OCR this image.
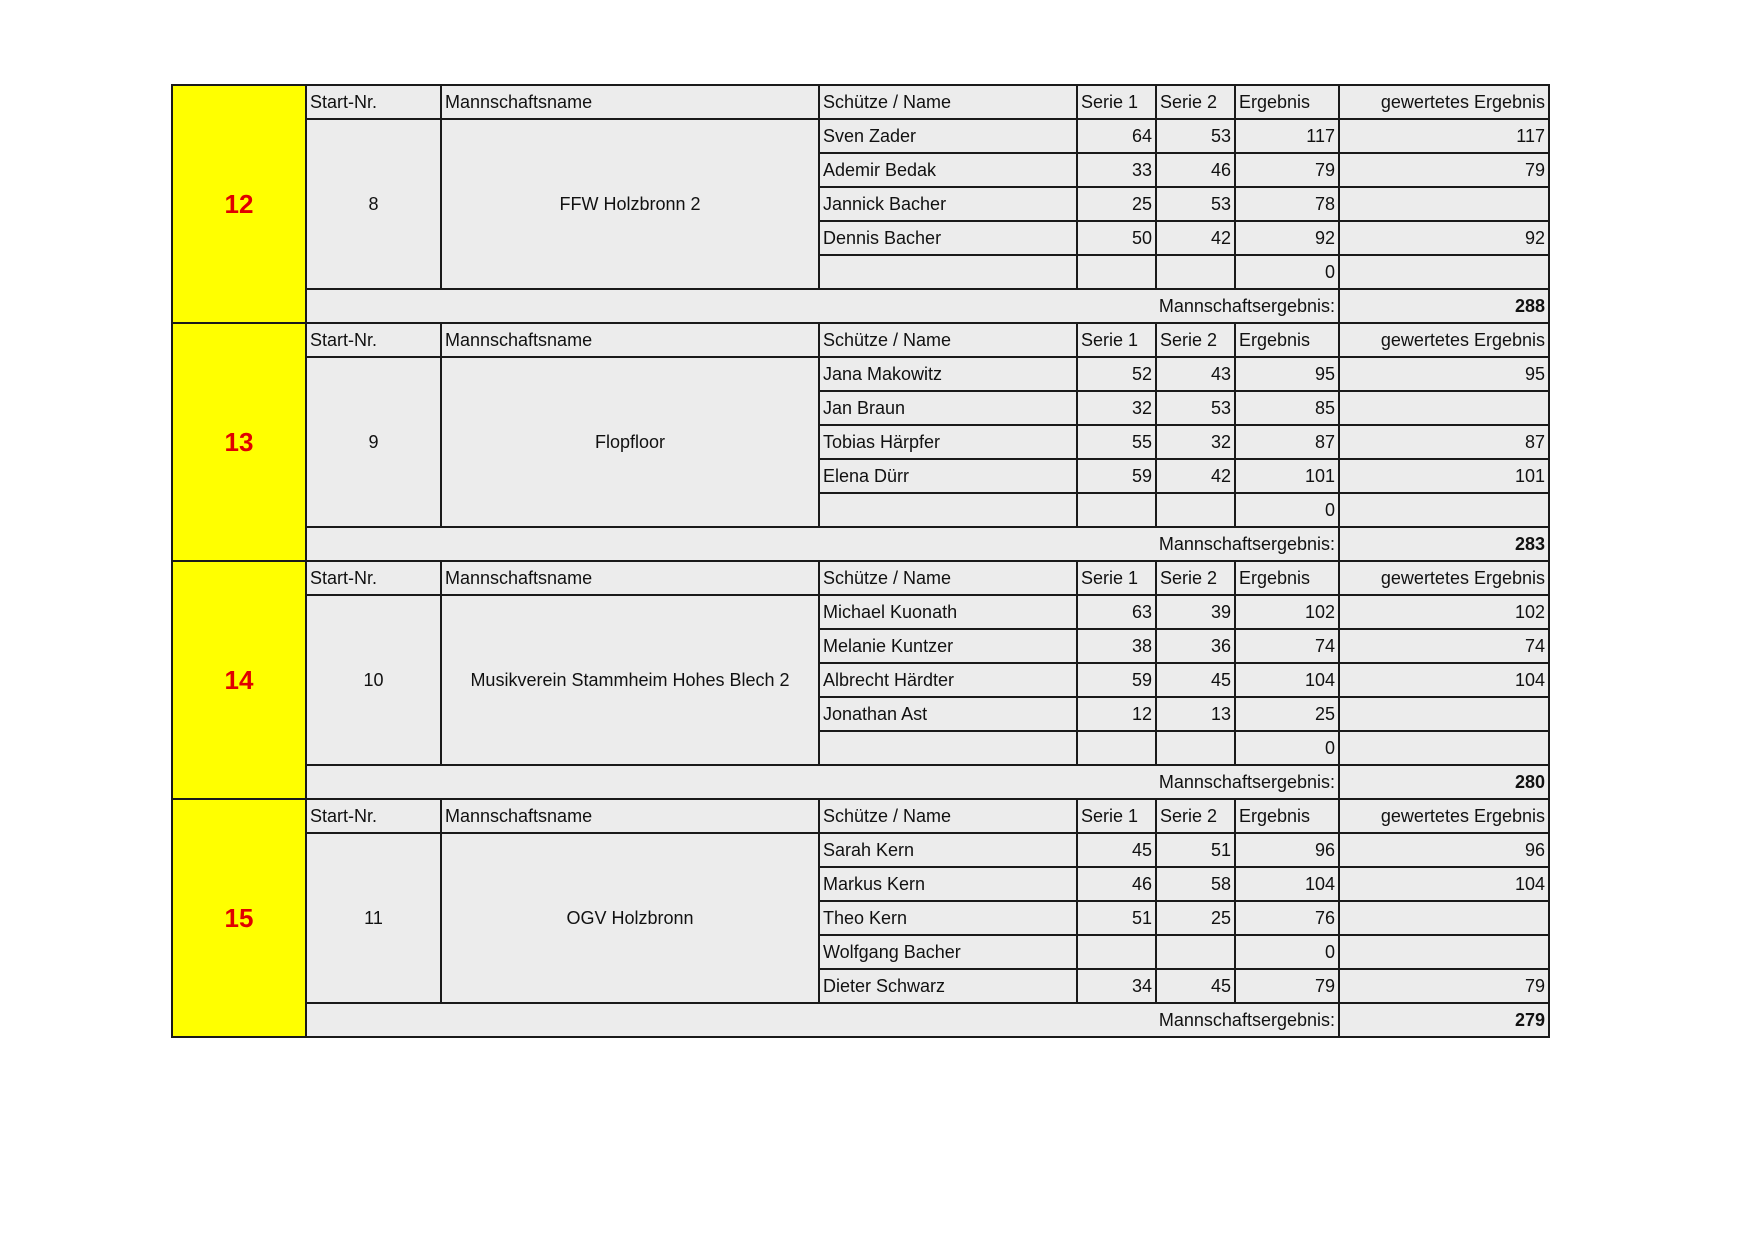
12	Start-Nr.	Mannschaftsname	Schütze / Name	Serie 1	Serie 2	Ergebnis	gewertetes Ergebnis
	8	FFW Holzbronn 2	Sven Zader	64	53	117	117
			Ademir Bedak	33	46	79	79
			Jannick Bacher	25	53	78	
			Dennis Bacher	50	42	92	92
						0	
	Mannschaftsergebnis:						288
13	Start-Nr.	Mannschaftsname	Schütze / Name	Serie 1	Serie 2	Ergebnis	gewertetes Ergebnis
	9	Flopfloor	Jana Makowitz	52	43	95	95
			Jan Braun	32	53	85	
			Tobias Härpfer	55	32	87	87
			Elena Dürr	59	42	101	101
						0	
	Mannschaftsergebnis:						283
14	Start-Nr.	Mannschaftsname	Schütze / Name	Serie 1	Serie 2	Ergebnis	gewertetes Ergebnis
	10	Musikverein Stammheim Hohes Blech 2	Michael Kuonath	63	39	102	102
			Melanie Kuntzer	38	36	74	74
			Albrecht Härdter	59	45	104	104
			Jonathan Ast	12	13	25	
						0	
	Mannschaftsergebnis:						280
15	Start-Nr.	Mannschaftsname	Schütze / Name	Serie 1	Serie 2	Ergebnis	gewertetes Ergebnis
	11	OGV Holzbronn	Sarah Kern	45	51	96	96
			Markus Kern	46	58	104	104
			Theo Kern	51	25	76	
			Wolfgang Bacher			0	
			Dieter Schwarz	34	45	79	79
	Mannschaftsergebnis:						279
